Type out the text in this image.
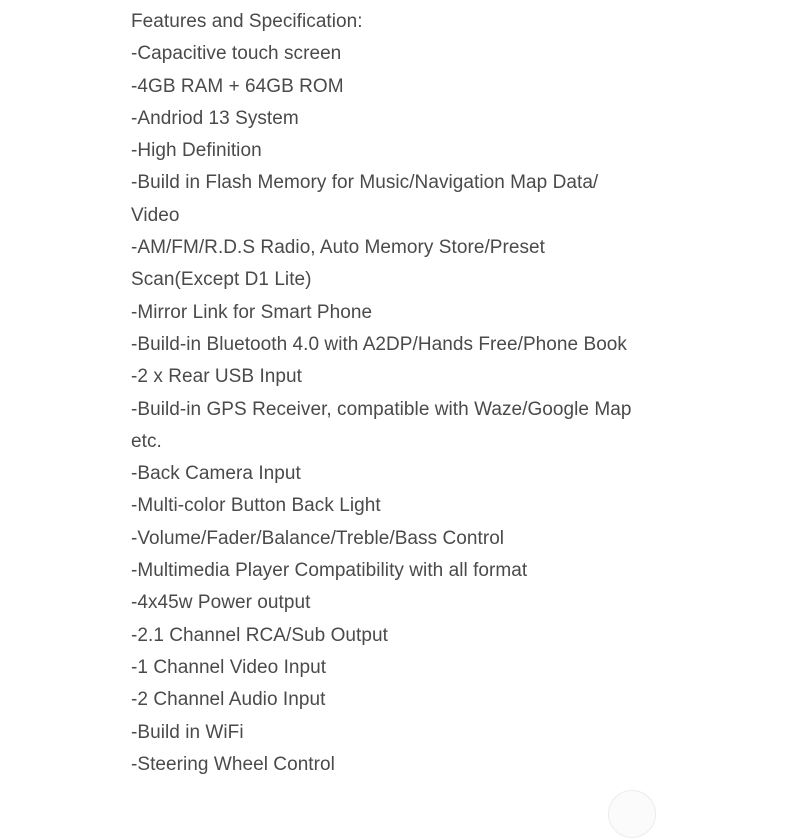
Features and Specification:
-Capacitive touch screen
-4GB RAM + 64GB ROM
-Andriod 13 System
-High Definition
-Build in Flash Memory for Music/Navigation Map Data/
Video
-AM/FM/R.D.S Radio, Auto Memory Store/Preset
Scan(Except D1 Lite)
-Mirror Link for Smart Phone
-Build-in Bluetooth 4.0 with A2DP/Hands Free/Phone Book
-2 x Rear USB Input
-Build-in GPS Receiver, compatible with Waze/Google Map
etc.
-Back Camera Input
-Multi-color Button Back Light
-Volume/Fader/Balance/Treble/Bass Control
-Multimedia Player Compatibility with all format
-4x45w Power output
-2.1 Channel RCA/Sub Output
-1 Channel Video Input
-2 Channel Audio Input
-Build in WiFi
-Steering Wheel Control
